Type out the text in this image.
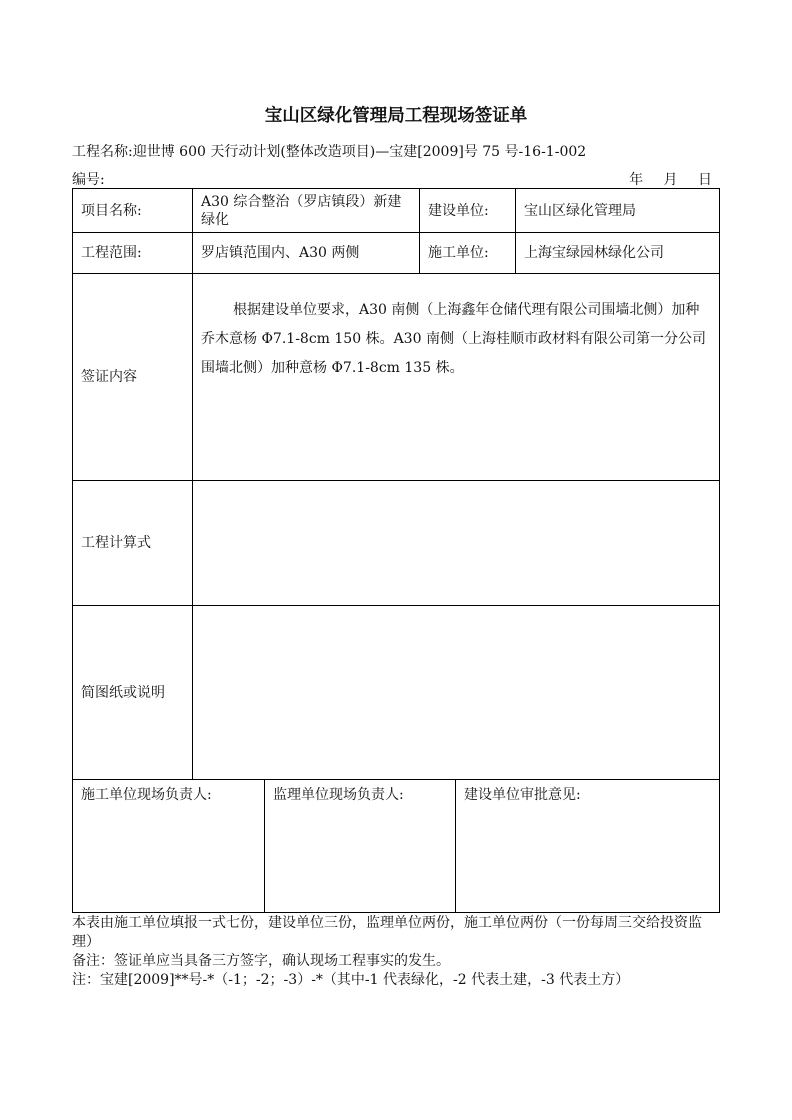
宝山区绿化管理局工程现场签证单
工程名称:迎世博 600 天行动计划(整体改造项目)—宝建[2009]号 75 号-16-1-002
编号:	年 月 日
项目名称:	A30 综合整治（罗店镇段）新建绿化	建设单位:	宝山区绿化管理局
工程范围:	罗店镇范围内、A30 两侧	施工单位:	上海宝绿园林绿化公司
签证内容	根据建设单位要求，A30 南侧（上海鑫年仓储代理有限公司围墙北侧）加种乔木意杨 Φ7.1-8cm 150 株。A30 南侧（上海桂顺市政材料有限公司第一分公司围墙北侧）加种意杨 Φ7.1-8cm 135 株。		

工程计算式			
简图纸或说明			
施工单位现场负责人:	监理单位现场负责人:	建设单位审批意见:
本表由施工单位填报一式七份，建设单位三份，监理单位两份，施工单位两份（一份每周三交给投资监理）
备注：签证单应当具备三方签字，确认现场工程事实的发生。
注：宝建[2009]**号-*（-1；-2；-3）-*（其中-1 代表绿化，-2 代表土建，-3 代表土方）
